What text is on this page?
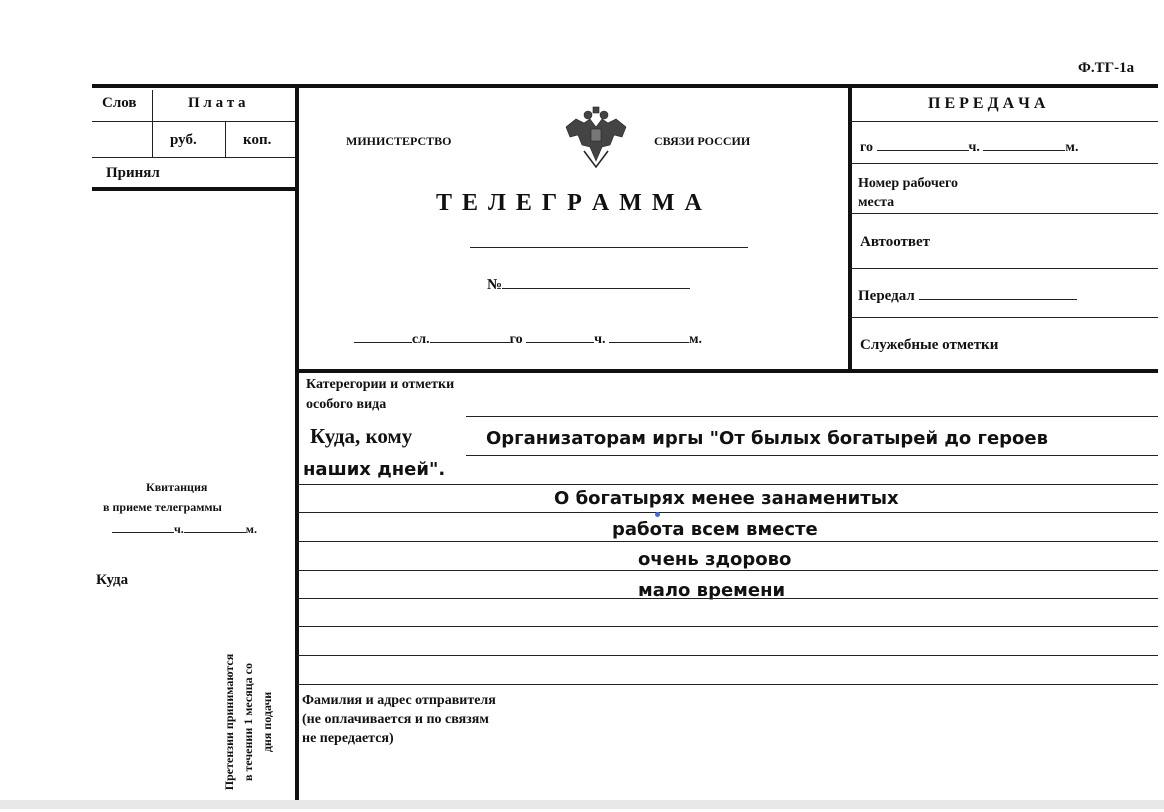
Ф.ТГ-1а
Слов	П л а т а
руб.	коп.
Принял
Квитанция
в приеме телеграммы
ч.	м.
Куда
Претензии принимаются в течении 1 месяца со дня подачи
МИНИСТЕРСТВО	СВЯЗИ РОССИИ
Т Е Л Е Г Р А М М А
№
сл.	го	ч.	м.
П Е Р Е Д А Ч А
го	ч.	м.
Номер рабочего
места
Автоответ
Передал
Служебные отметки
Катерегории и отметки
особого вида
Куда, кому	Организаторам иргы "От былых богатырей до героев
наших дней".
О богатырях менее занаменитых
работа всем вместе
очень здорово
мало времени
Фамилия и адрес отправителя
(не оплачивается и по связям
не передается)
